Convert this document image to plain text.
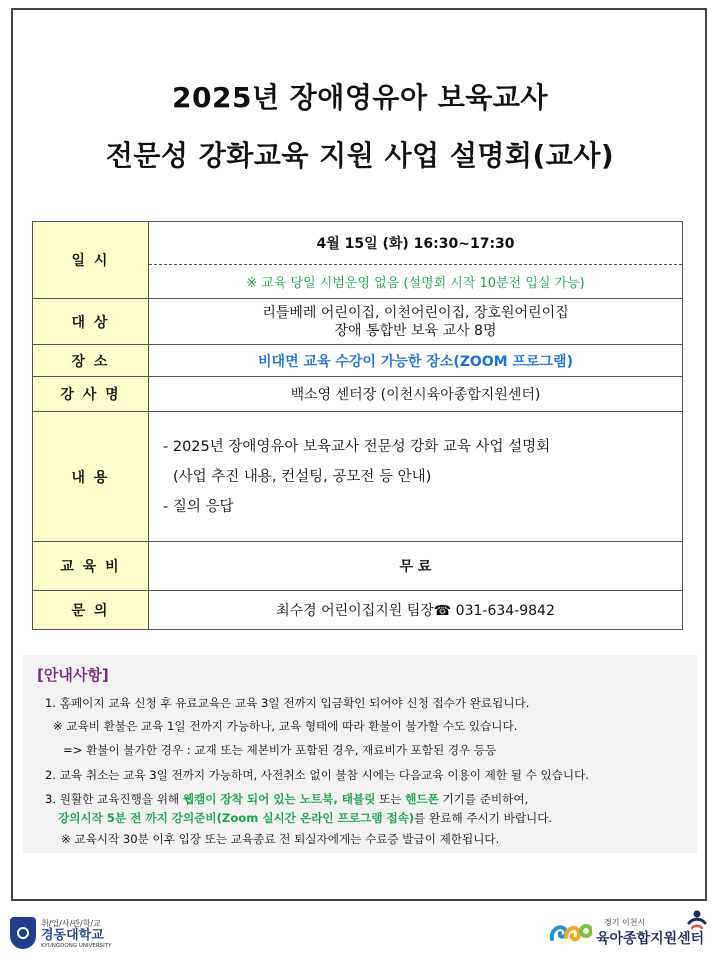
2025년 장애영유아 보육교사
전문성 강화교육 지원 사업 설명회(교사)
일 시	4월 15일 (화) 16:30~17:30
※ 교육 당일 시범운영 없음 (설명회 시작 10분전 입실 가능)

대 상	리틀베레 어린이집, 이천어린이집, 장호원어린이집
장애 통합반 보육 교사 8명

장 소	비대면 교육 수강이 가능한 장소(ZOOM 프로그램)
강 사 명	백소영 센터장 (이천시육아종합지원센터)
내 용	- 2025년 장애영유아 보육교사 전문성 강화 교육 사업 설명회
(사업 추진 내용, 컨설팅, 공모전 등 안내)
- 질의 응답

교 육 비	무 료
문 의	최수경 어린이집지원 팀장☎ 031-634-9842
[안내사항]
1. 홈페이지 교육 신청 후 유료교육은 교육 3일 전까지 입금확인 되어야 신청 접수가 완료됩니다.
※ 교육비 환불은 교육 1일 전까지 가능하나, 교육 형태에 따라 환불이 불가할 수도 있습니다.
=> 환불이 불가한 경우 : 교재 또는 제본비가 포함된 경우, 재료비가 포함된 경우 등등
2. 교육 취소는 교육 3일 전까지 가능하며, 사전취소 없이 불참 시에는 다음교육 이용이 제한 될 수 있습니다.
3. 원활한 교육진행을 위해 웹캠이 장착 되어 있는 노트북, 태블릿 또는 핸드폰 기기를 준비하여,
강의시작 5분 전 까지 강의준비(Zoom 실시간 온라인 프로그램 접속)를 완료해 주시기 바랍니다.
※ 교육시작 30분 이후 입장 또는 교육종료 전 퇴실자에게는 수료증 발급이 제한됩니다.
취/업/사/관/학/교
경동대학교
KYUNGDONG UNIVERSITY
경기 이천시
육아종합지원센터
